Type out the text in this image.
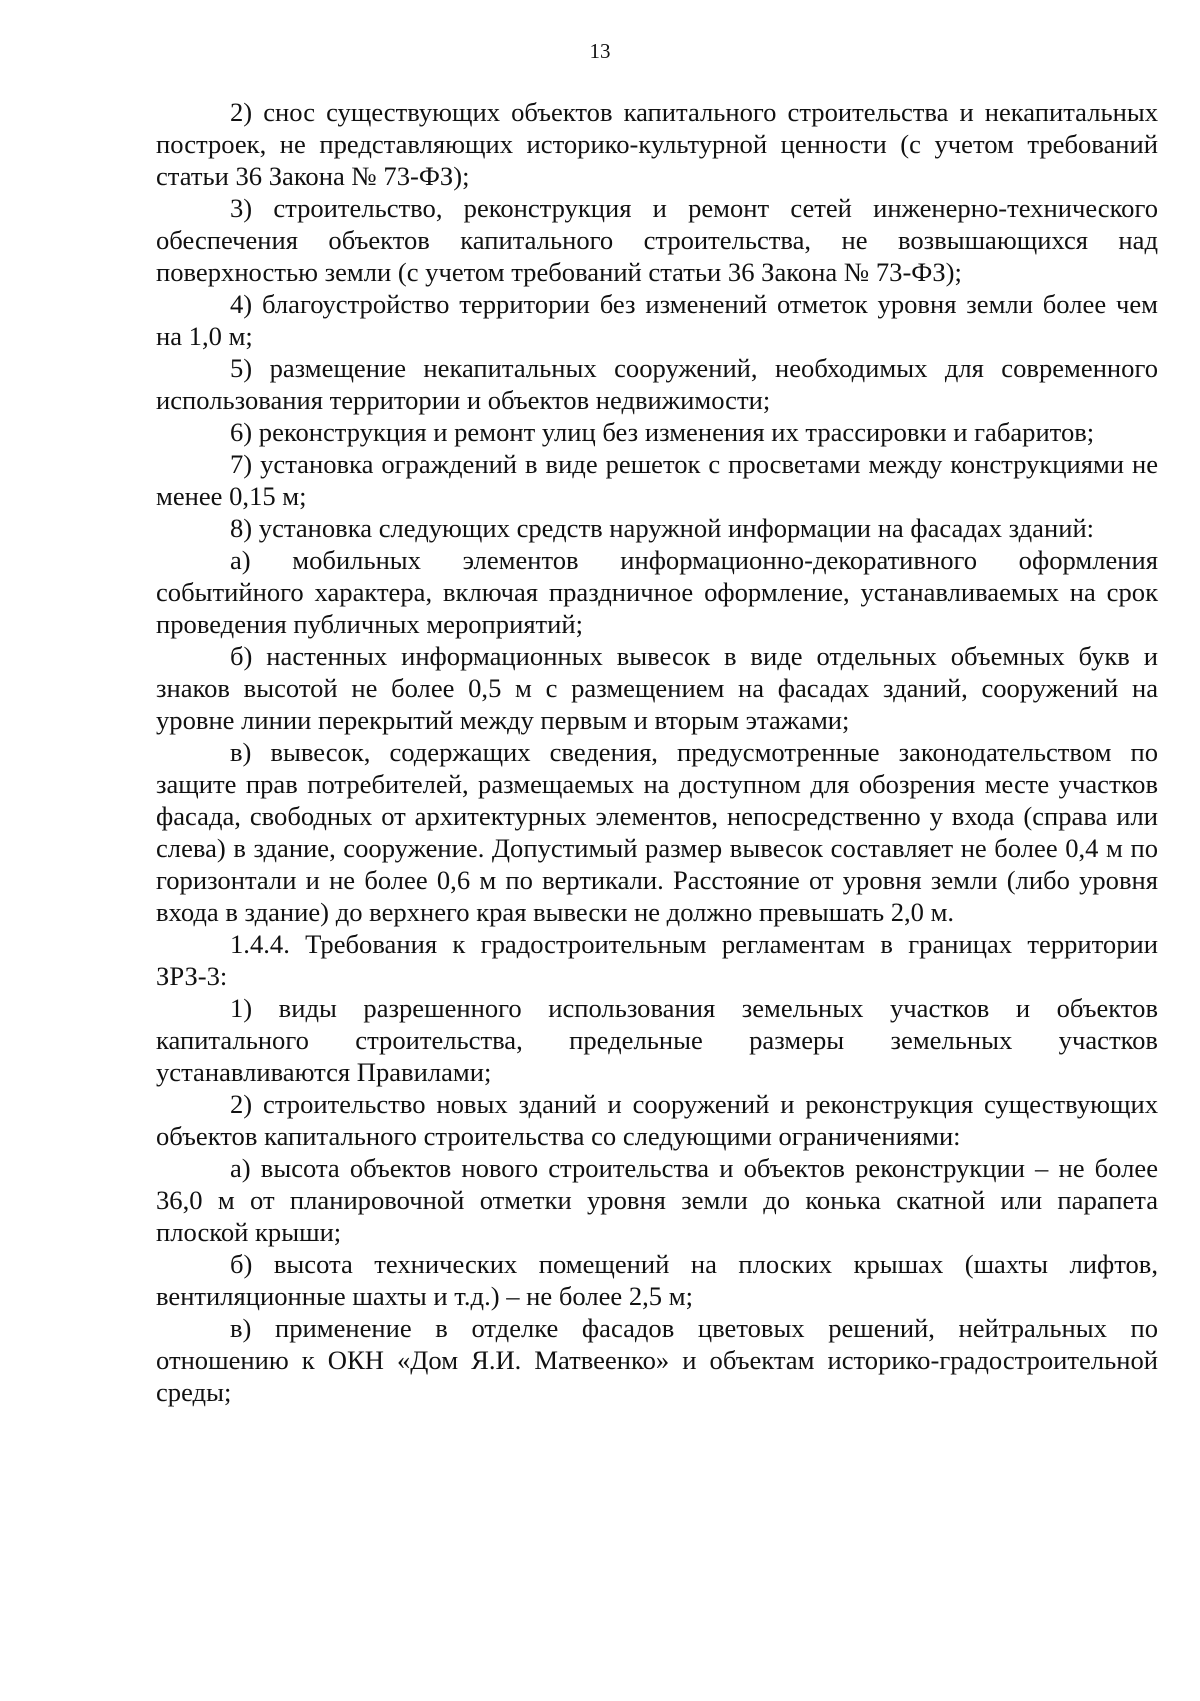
13

2) снос существующих объектов капитального строительства и некапитальных построек, не представляющих историко-культурной ценности (с учетом требований статьи 36 Закона № 73-ФЗ);

3) строительство, реконструкция и ремонт сетей инженерно-технического обеспечения объектов капитального строительства, не возвышающихся над поверхностью земли (с учетом требований статьи 36 Закона № 73-ФЗ);

4) благоустройство территории без изменений отметок уровня земли более чем на 1,0 м;

5) размещение некапитальных сооружений, необходимых для современного использования территории и объектов недвижимости;

6) реконструкция и ремонт улиц без изменения их трассировки и габаритов;

7) установка ограждений в виде решеток с просветами между конструкциями не менее 0,15 м;

8) установка следующих средств наружной информации на фасадах зданий:

а) мобильных элементов информационно-декоративного оформления событийного характера, включая праздничное оформление, устанавливаемых на срок проведения публичных мероприятий;

б) настенных информационных вывесок в виде отдельных объемных букв и знаков высотой не более 0,5 м с размещением на фасадах зданий, сооружений на уровне линии перекрытий между первым и вторым этажами;

в) вывесок, содержащих сведения, предусмотренные законодательством по защите прав потребителей, размещаемых на доступном для обозрения месте участков фасада, свободных от архитектурных элементов, непосредственно у входа (справа или слева) в здание, сооружение. Допустимый размер вывесок составляет не более 0,4 м по горизонтали и не более 0,6 м по вертикали. Расстояние от уровня земли (либо уровня входа в здание) до верхнего края вывески не должно превышать 2,0 м.

1.4.4. Требования к градостроительным регламентам в границах территории ЗРЗ-3:

1) виды разрешенного использования земельных участков и объектов капитального строительства, предельные размеры земельных участков устанавливаются Правилами;

2) строительство новых зданий и сооружений и реконструкция существующих объектов капитального строительства со следующими ограничениями:

а) высота объектов нового строительства и объектов реконструкции – не более 36,0 м от планировочной отметки уровня земли до конька скатной или парапета плоской крыши;

б) высота технических помещений на плоских крышах (шахты лифтов, вентиляционные шахты и т.д.) – не более 2,5 м;

в) применение в отделке фасадов цветовых решений, нейтральных по отношению к ОКН «Дом Я.И. Матвеенко» и объектам историко-градостроительной среды;
